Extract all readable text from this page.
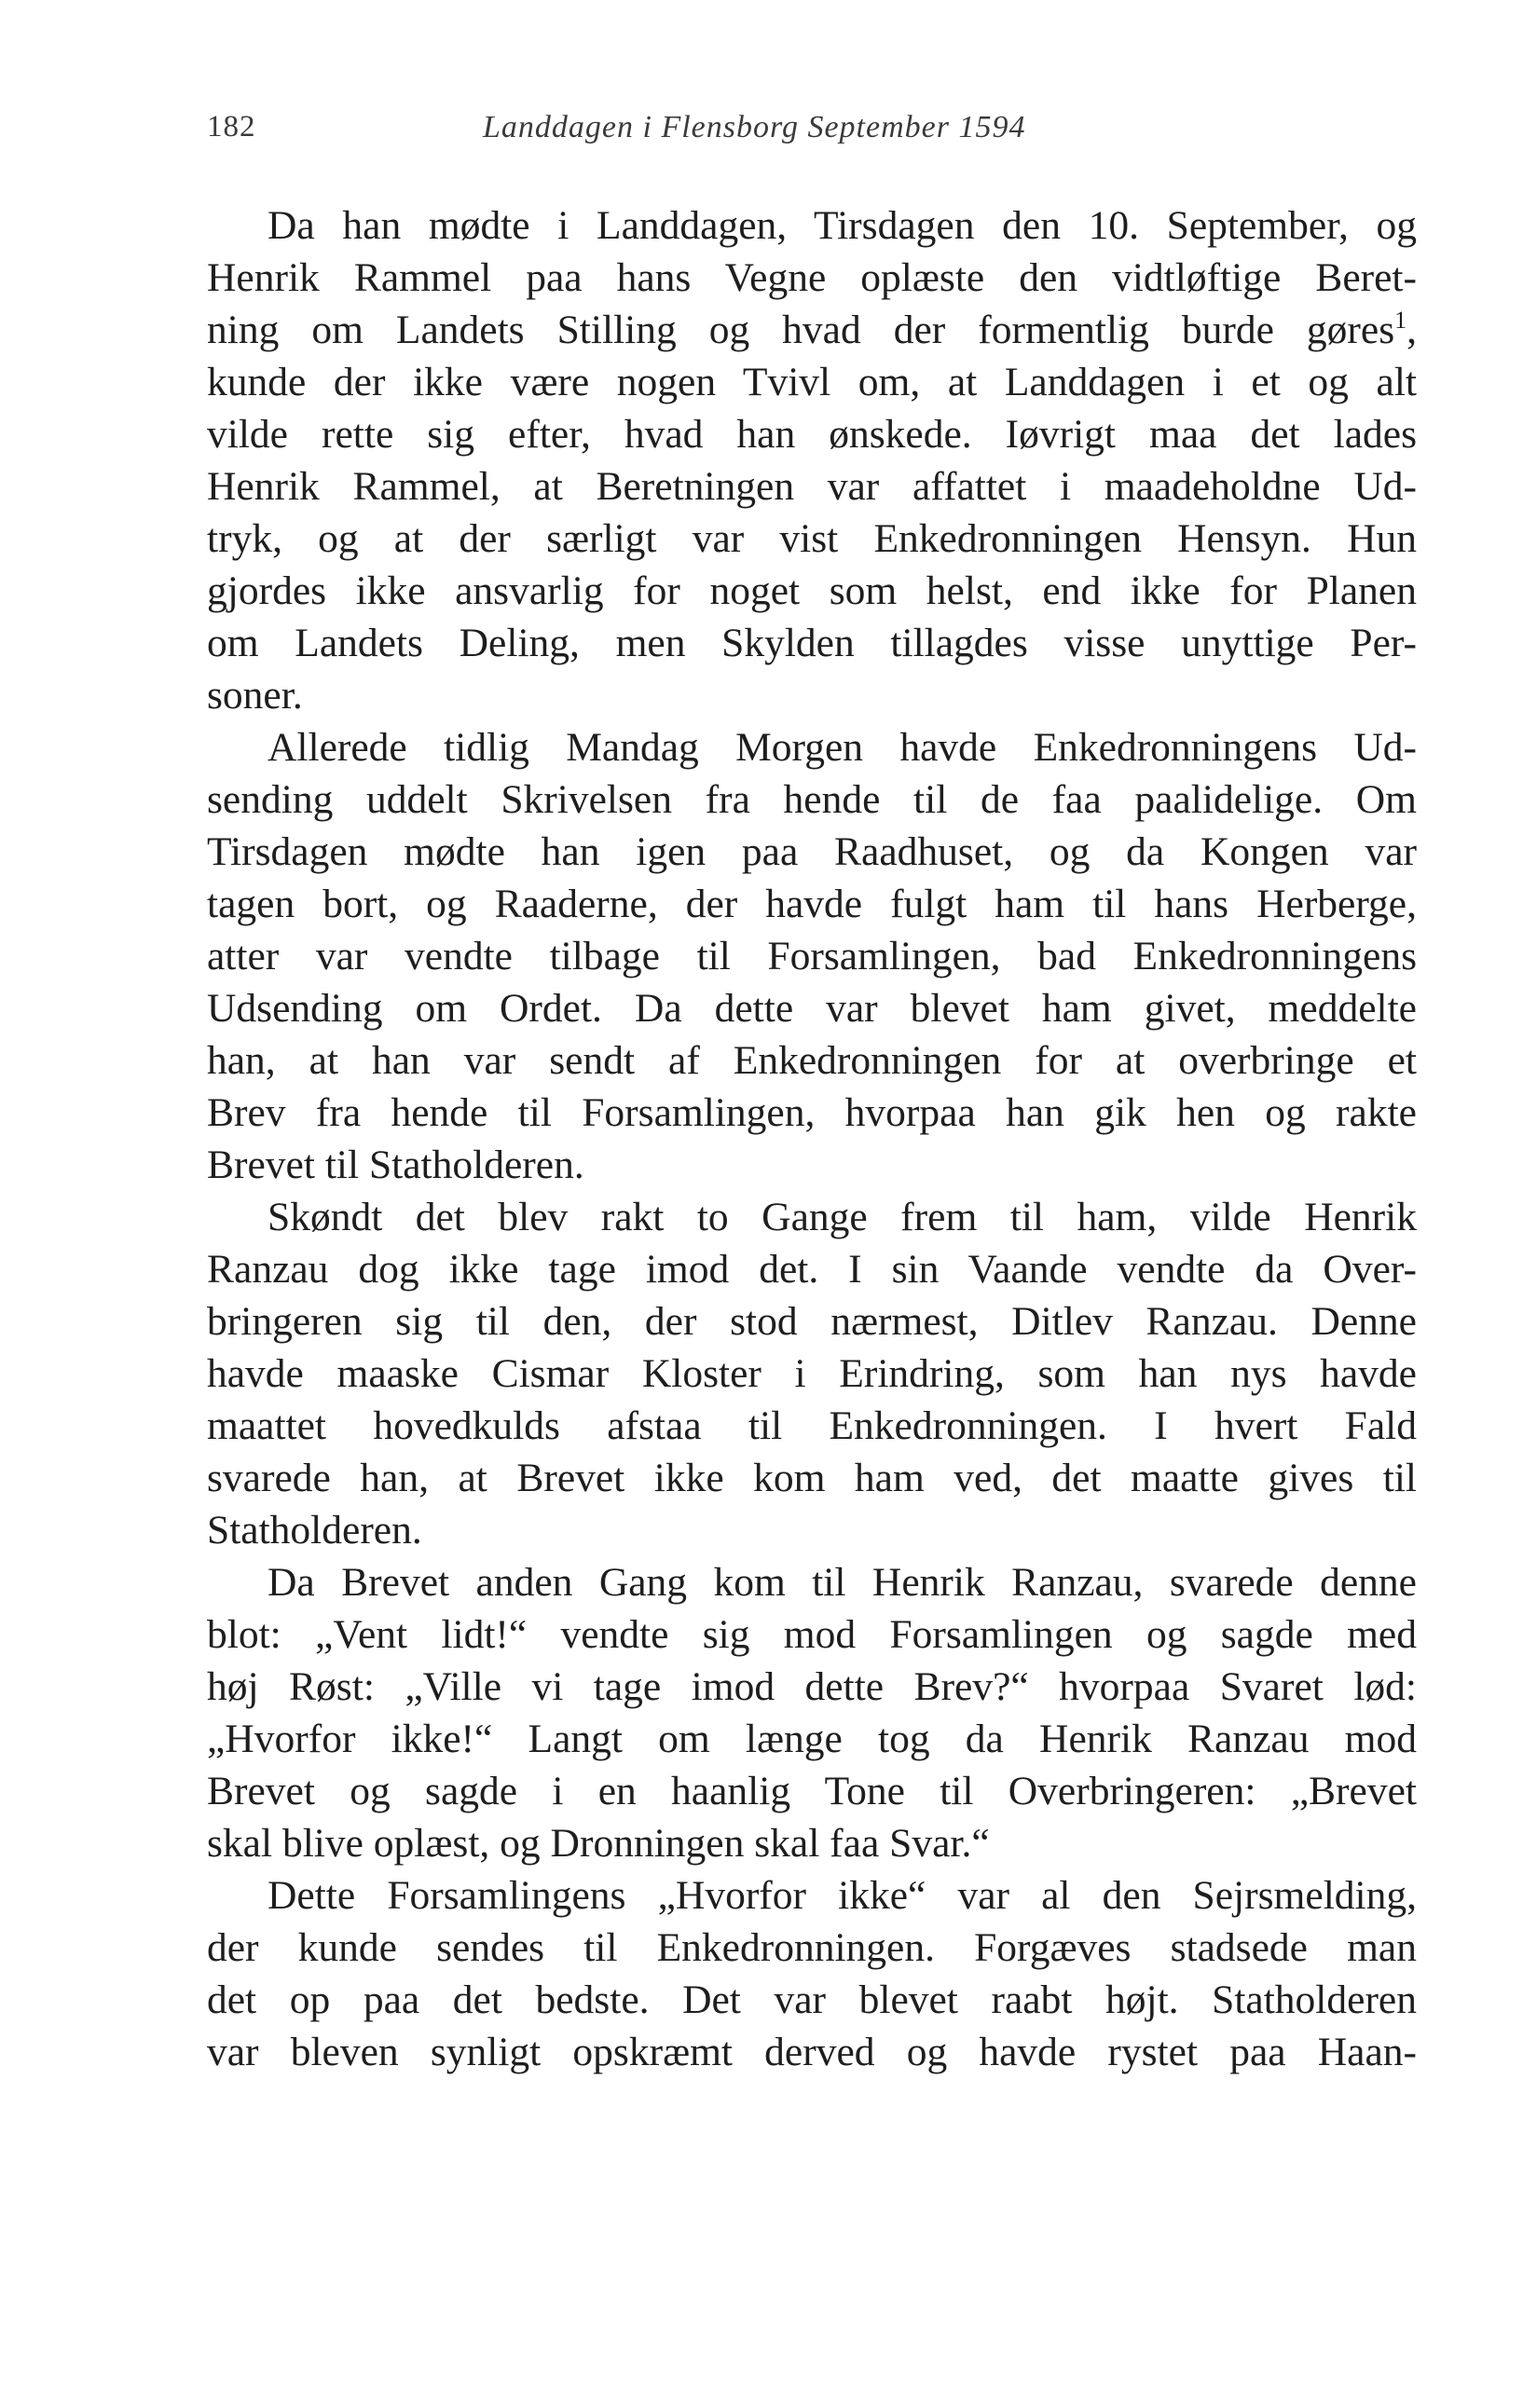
182	Landdagen i Flensborg September 1594
Da han mødte i Landdagen, Tirsdagen den 10. September, og
Henrik Rammel paa hans Vegne oplæste den vidtløftige Beret-
ning om Landets Stilling og hvad der formentlig burde gøres$^1$,
kunde der ikke være nogen Tvivl om, at Landdagen i et og alt
vilde rette sig efter, hvad han ønskede. Iøvrigt maa det lades
Henrik Rammel, at Beretningen var affattet i maadeholdne Ud-
tryk, og at der særligt var vist Enkedronningen Hensyn. Hun
gjordes ikke ansvarlig for noget som helst, end ikke for Planen
om Landets Deling, men Skylden tillagdes visse unyttige Per-
soner.
Allerede tidlig Mandag Morgen havde Enkedronningens Ud-
sending uddelt Skrivelsen fra hende til de faa paalidelige. Om
Tirsdagen mødte han igen paa Raadhuset, og da Kongen var
tagen bort, og Raaderne, der havde fulgt ham til hans Herberge,
atter var vendte tilbage til Forsamlingen, bad Enkedronningens
Udsending om Ordet. Da dette var blevet ham givet, meddelte
han, at han var sendt af Enkedronningen for at overbringe et
Brev fra hende til Forsamlingen, hvorpaa han gik hen og rakte
Brevet til Statholderen.
Skøndt det blev rakt to Gange frem til ham, vilde Henrik
Ranzau dog ikke tage imod det. I sin Vaande vendte da Over-
bringeren sig til den, der stod nærmest, Ditlev Ranzau. Denne
havde maaske Cismar Kloster i Erindring, som han nys havde
maattet hovedkulds afstaa til Enkedronningen. I hvert Fald
svarede han, at Brevet ikke kom ham ved, det maatte gives til
Statholderen.
Da Brevet anden Gang kom til Henrik Ranzau, svarede denne
blot: „Vent lidt!“ vendte sig mod Forsamlingen og sagde med
høj Røst: „Ville vi tage imod dette Brev?“ hvorpaa Svaret lød:
„Hvorfor ikke!“ Langt om længe tog da Henrik Ranzau mod
Brevet og sagde i en haanlig Tone til Overbringeren: „Brevet
skal blive oplæst, og Dronningen skal faa Svar.“
Dette Forsamlingens „Hvorfor ikke“ var al den Sejrsmelding,
der kunde sendes til Enkedronningen. Forgæves stadsede man
det op paa det bedste. Det var blevet raabt højt. Statholderen
var bleven synligt opskræmt derved og havde rystet paa Haan-
